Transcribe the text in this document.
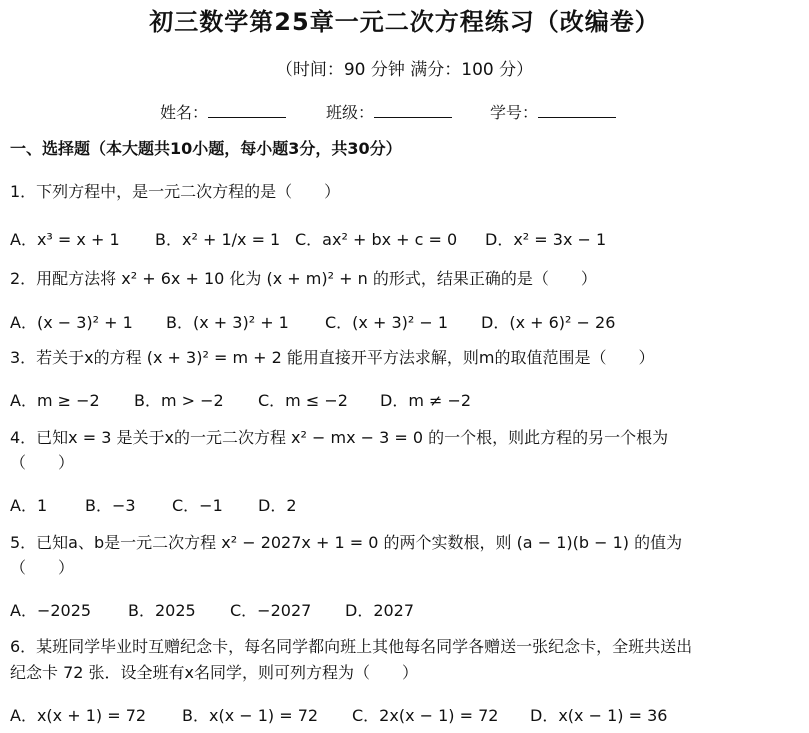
初三数学第25章一元二次方程练习（改编卷）
（时间：90 分钟 满分：100 分）
姓名：	班级：	学号：
一、选择题（本大题共10小题，每小题3分，共30分）
1．下列方程中，是一元二次方程的是（　　）
A．x³ = x + 1 B．x² + 1/x = 1 C．ax² + bx + c = 0 D．x² = 3x − 1
2．用配方法将 x² + 6x + 10 化为 (x + m)² + n 的形式，结果正确的是（　　）
A．(x − 3)² + 1 B．(x + 3)² + 1 C．(x + 3)² − 1 D．(x + 6)² − 26
3．若关于x的方程 (x + 3)² = m + 2 能用直接开平方法求解，则m的取值范围是（　　）
A．m ≥ −2 B．m > −2 C．m ≤ −2 D．m ≠ −2
4．已知x = 3 是关于x的一元二次方程 x² − mx − 3 = 0 的一个根，则此方程的另一个根为
（　　）
A．1 B．−3 C．−1 D．2
5．已知a、b是一元二次方程 x² − 2027x + 1 = 0 的两个实数根，则 (a − 1)(b − 1) 的值为
（　　）
A．−2025 B．2025 C．−2027 D．2027
6．某班同学毕业时互赠纪念卡，每名同学都向班上其他每名同学各赠送一张纪念卡，全班共送出
纪念卡 72 张．设全班有x名同学，则可列方程为（　　）
A．x(x + 1) = 72 B．x(x − 1) = 72 C．2x(x − 1) = 72 D．x(x − 1) = 36
